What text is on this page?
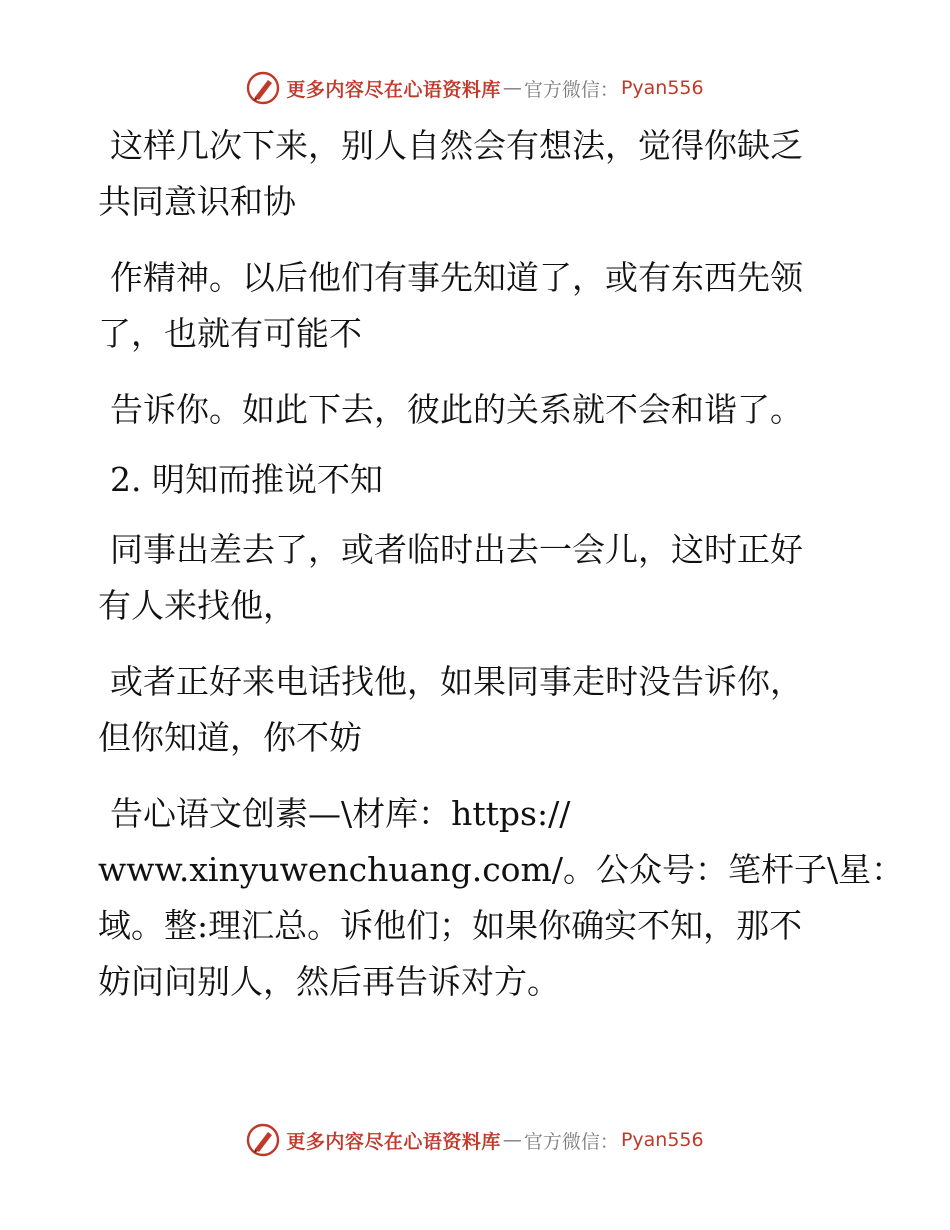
更多内容尽在心语资料库 — 官方微信： Pyan556
这样几次下来，别人自然会有想法，觉得你缺乏
共同意识和协
作精神。以后他们有事先知道了，或有东西先领
了，也就有可能不
告诉你。如此下去，彼此的关系就不会和谐了。
2. 明知而推说不知
同事出差去了，或者临时出去一会儿，这时正好
有人来找他，
或者正好来电话找他，如果同事走时没告诉你，
但你知道，你不妨
告心语文创素—\材库：https://
www.xinyuwenchuang.com/。公众号：笔杆子\星：
域。整:理汇总。诉他们；如果你确实不知，那不
妨问问别人，然后再告诉对方。
更多内容尽在心语资料库 — 官方微信： Pyan556
